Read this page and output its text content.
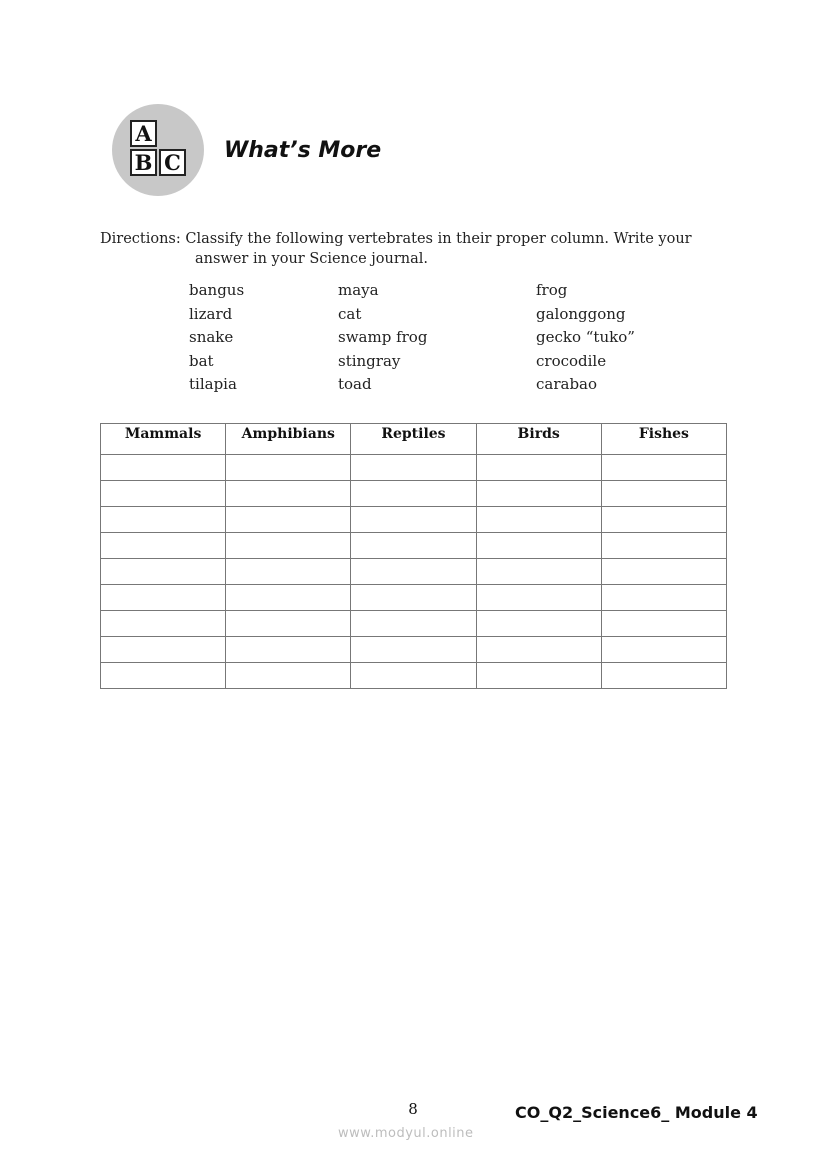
A
B C What’s More
Directions: Classify the following vertebrates in their proper column. Write your
answer in your Science journal.
bangus
lizard
snake
bat
tilapia
maya
cat
swamp frog
stingray
toad
frog
galonggong
gecko “tuko”
crocodile
carabao
Mammals	Amphibians	Reptiles	Birds	Fishes

8	CO_Q2_Science6_ Module 4
www.modyul.online
